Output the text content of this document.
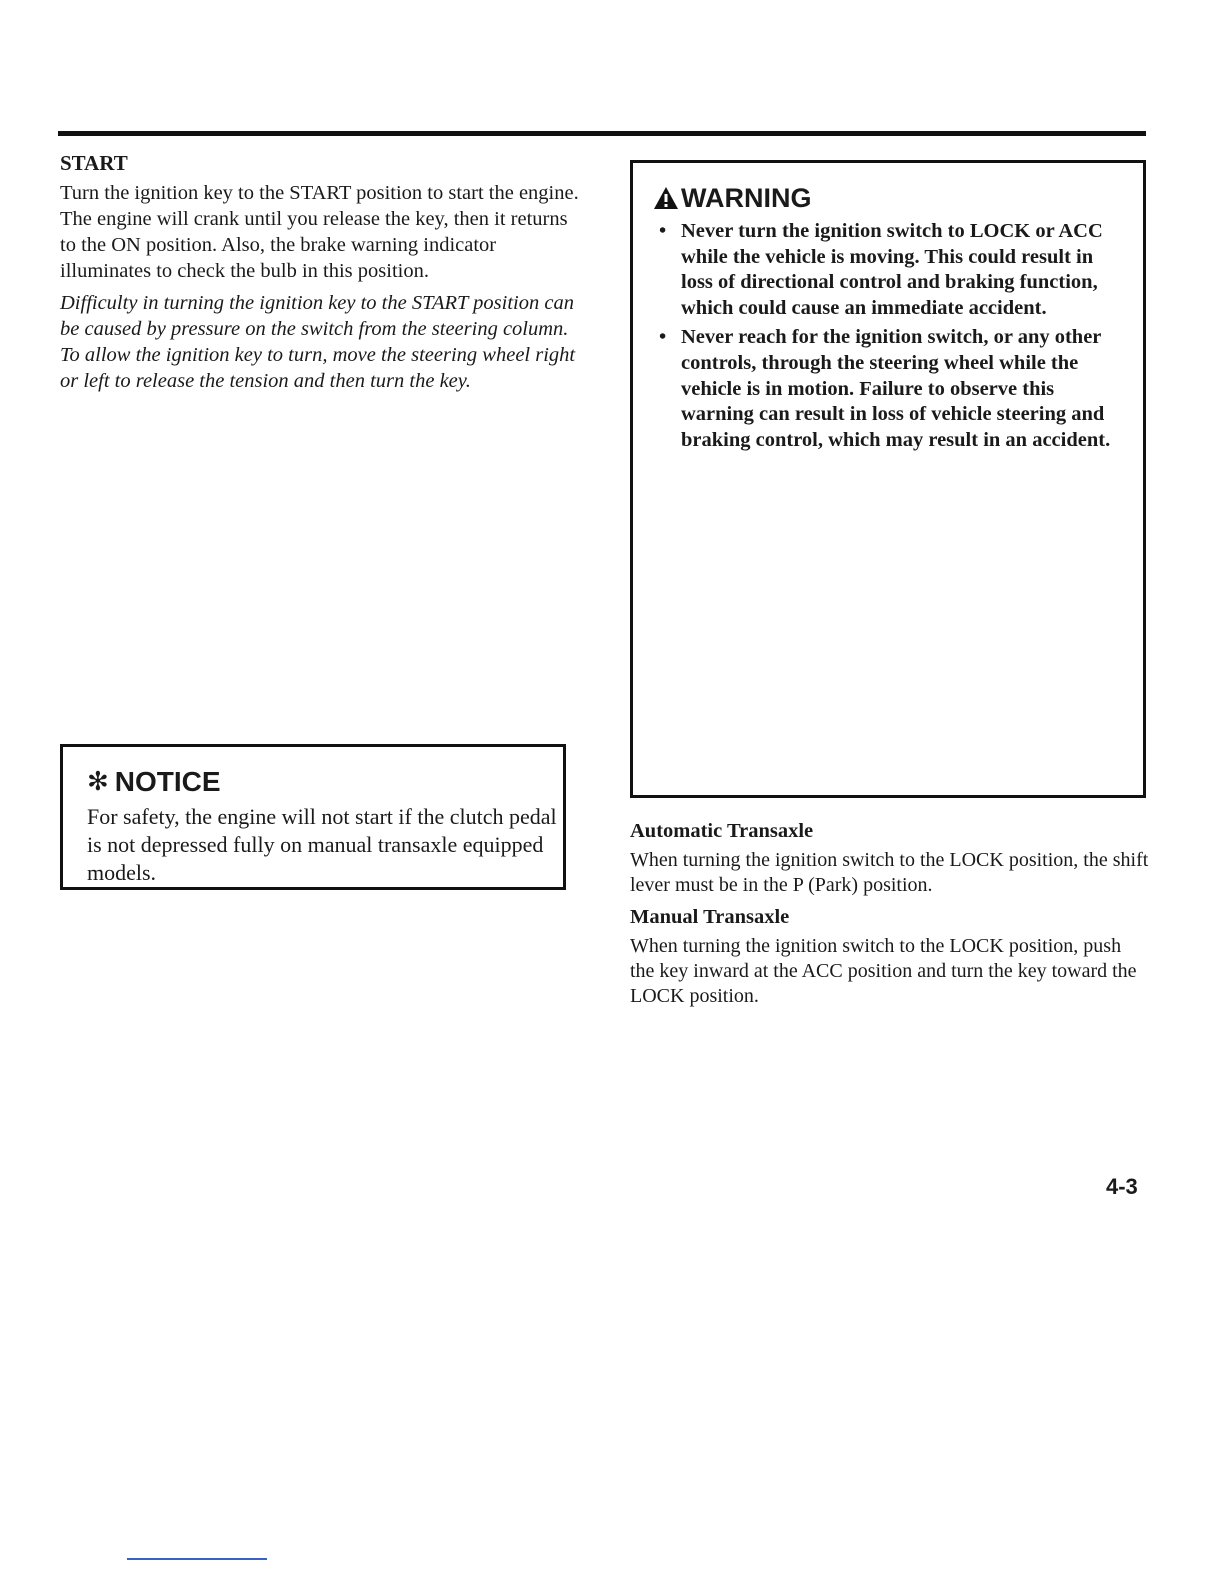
START

Turn the ignition key to the START position to start the engine. The engine will crank until you release the key, then it returns to the ON position. Also, the brake warning indicator illuminates to check the bulb in this position.

Difficulty in turning the ignition key to the START position can be caused by pressure on the switch from the steering column. To allow the ignition key to turn, move the steering wheel right or left to release the tension and then turn the key.

✻ NOTICE
For safety, the engine will not start if the clutch pedal is not depressed fully on manual transaxle equipped models.
WARNING
• Never turn the ignition switch to LOCK or ACC while the vehicle is moving. This could result in loss of directional control and braking function, which could cause an immediate accident.
• Never reach for the ignition switch, or any other controls, through the steering wheel while the vehicle is in motion. Failure to observe this warning can result in loss of vehicle steering and braking control, which may result in an accident.
Automatic Transaxle

When turning the ignition switch to the LOCK position, the shift lever must be in the P (Park) position.

Manual Transaxle

When turning the ignition switch to the LOCK position, push the key inward at the ACC position and turn the key toward the LOCK position.

4-3
